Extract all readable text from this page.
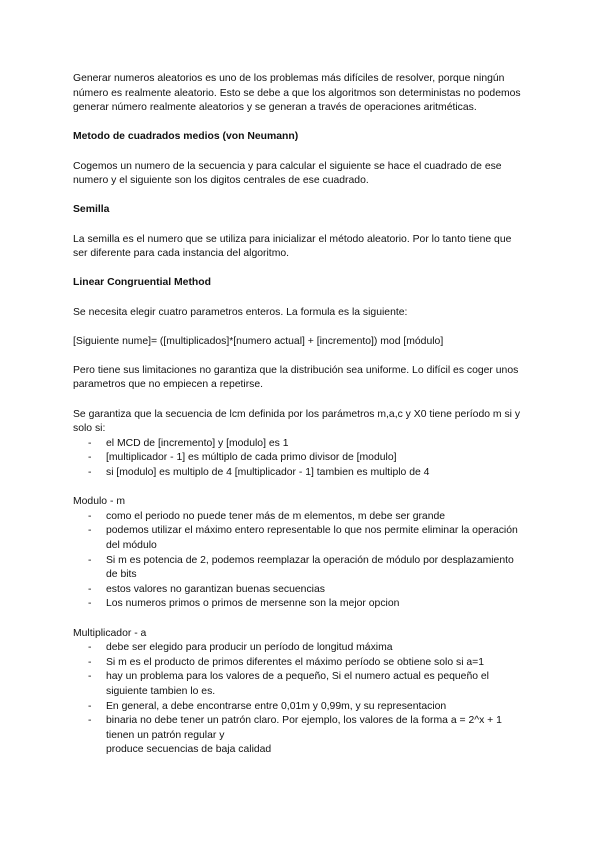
Generar numeros aleatorios es uno de los problemas más difíciles de resolver, porque ningún número es realmente aleatorio. Esto se debe a que los algoritmos son deterministas no podemos generar número realmente aleatorios y se generan a través de operaciones aritméticas.

Metodo de cuadrados medios (von Neumann)

Cogemos un numero de la secuencia y para calcular el siguiente se hace el cuadrado de ese numero y el siguiente son los digitos centrales de ese cuadrado.

Semilla

La semilla es el numero que se utiliza para inicializar el método aleatorio. Por lo tanto tiene que ser diferente para cada instancia del algoritmo.

Linear Congruential Method

Se necesita elegir cuatro parametros enteros. La formula es la siguiente:

[Siguiente nume]= ([multiplicados]*[numero actual] + [incremento]) mod [módulo]

Pero tiene sus limitaciones no garantiza que la distribución sea uniforme. Lo difícil es coger unos parametros que no empiecen a repetirse.

Se garantiza que la secuencia de lcm definida por los parámetros m,a,c y X0 tiene período m si y solo si:

- el MCD de [incremento] y [modulo] es 1
- [multiplicador - 1] es múltiplo de cada primo divisor de [modulo]
- si [modulo] es multiplo de 4 [multiplicador - 1] tambien es multiplo de 4

Modulo - m

- como el periodo no puede tener más de m elementos, m debe ser grande
- podemos utilizar el máximo entero representable lo que nos permite eliminar la operación del módulo
- Si m es potencia de 2, podemos reemplazar la operación de módulo por desplazamiento de bits
- estos valores no garantizan buenas secuencias
- Los numeros primos o primos de mersenne son la mejor opcion

Multiplicador - a

- debe ser elegido para producir un período de longitud máxima
- Si m es el producto de primos diferentes el máximo período se obtiene solo si a=1
- hay un problema para los valores de a pequeño, Si el numero actual es pequeño el siguiente tambien lo es.
- En general, a debe encontrarse entre 0,01m y 0,99m, y su representacion
- binaria no debe tener un patrón claro. Por ejemplo, los valores de la forma a = 2^x + 1 tienen un patrón regular y
produce secuencias de baja calidad
